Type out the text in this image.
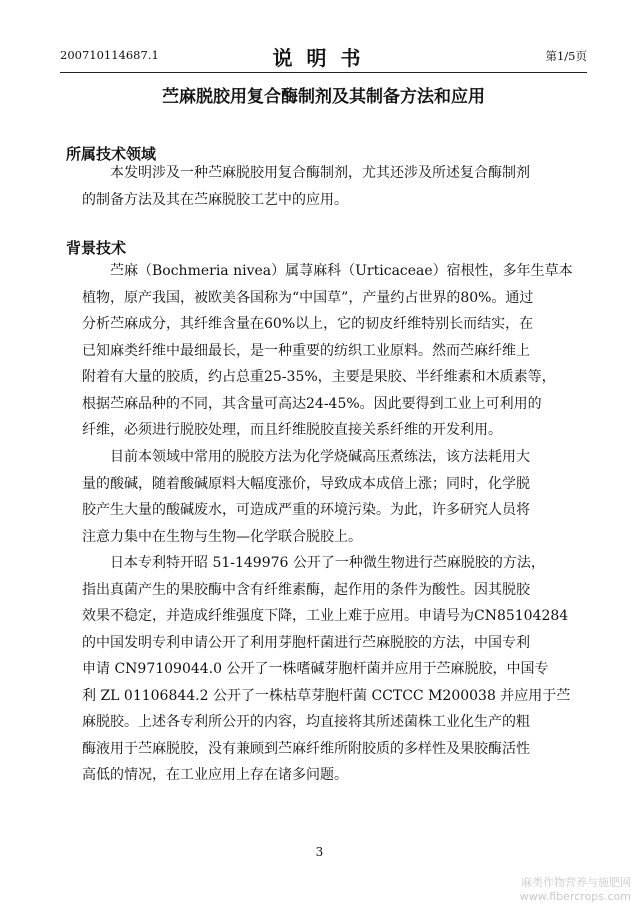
200710114687.1	说明书	第1/5页
苎麻脱胶用复合酶制剂及其制备方法和应用
所属技术领域
本发明涉及一种苎麻脱胶用复合酶制剂，尤其还涉及所述复合酶制剂
的制备方法及其在苎麻脱胶工艺中的应用。
背景技术
苎麻（Bochmeria nivea）属荨麻科（Urticaceae）宿根性，多年生草本
植物，原产我国，被欧美各国称为“中国草”，产量约占世界的80%。通过
分析苎麻成分，其纤维含量在60%以上，它的韧皮纤维特别长而结实，在
已知麻类纤维中最细最长，是一种重要的纺织工业原料。然而苎麻纤维上
附着有大量的胶质，约占总重25-35%，主要是果胶、半纤维素和木质素等，
根据苎麻品种的不同，其含量可高达24-45%。因此要得到工业上可利用的
纤维，必须进行脱胶处理，而且纤维脱胶直接关系纤维的开发利用。
目前本领域中常用的脱胶方法为化学烧碱高压煮练法，该方法耗用大
量的酸碱，随着酸碱原料大幅度涨价，导致成本成倍上涨；同时，化学脱
胶产生大量的酸碱废水，可造成严重的环境污染。为此，许多研究人员将
注意力集中在生物与生物—化学联合脱胶上。
日本专利特开昭 51-149976 公开了一种微生物进行苎麻脱胶的方法，
指出真菌产生的果胶酶中含有纤维素酶，起作用的条件为酸性。因其脱胶
效果不稳定，并造成纤维强度下降，工业上难于应用。申请号为CN85104284
的中国发明专利申请公开了利用芽胞杆菌进行苎麻脱胶的方法，中国专利
申请 CN97109044.0 公开了一株嗜碱芽胞杆菌并应用于苎麻脱胶，中国专
利 ZL 01106844.2 公开了一株枯草芽胞杆菌 CCTCC M200038 并应用于苎
麻脱胶。上述各专利所公开的内容，均直接将其所述菌株工业化生产的粗
酶液用于苎麻脱胶，没有兼顾到苎麻纤维所附胶质的多样性及果胶酶活性
高低的情况，在工业应用上存在诸多问题。
3
麻类作物营养与施肥网
www.fibercrops.com
